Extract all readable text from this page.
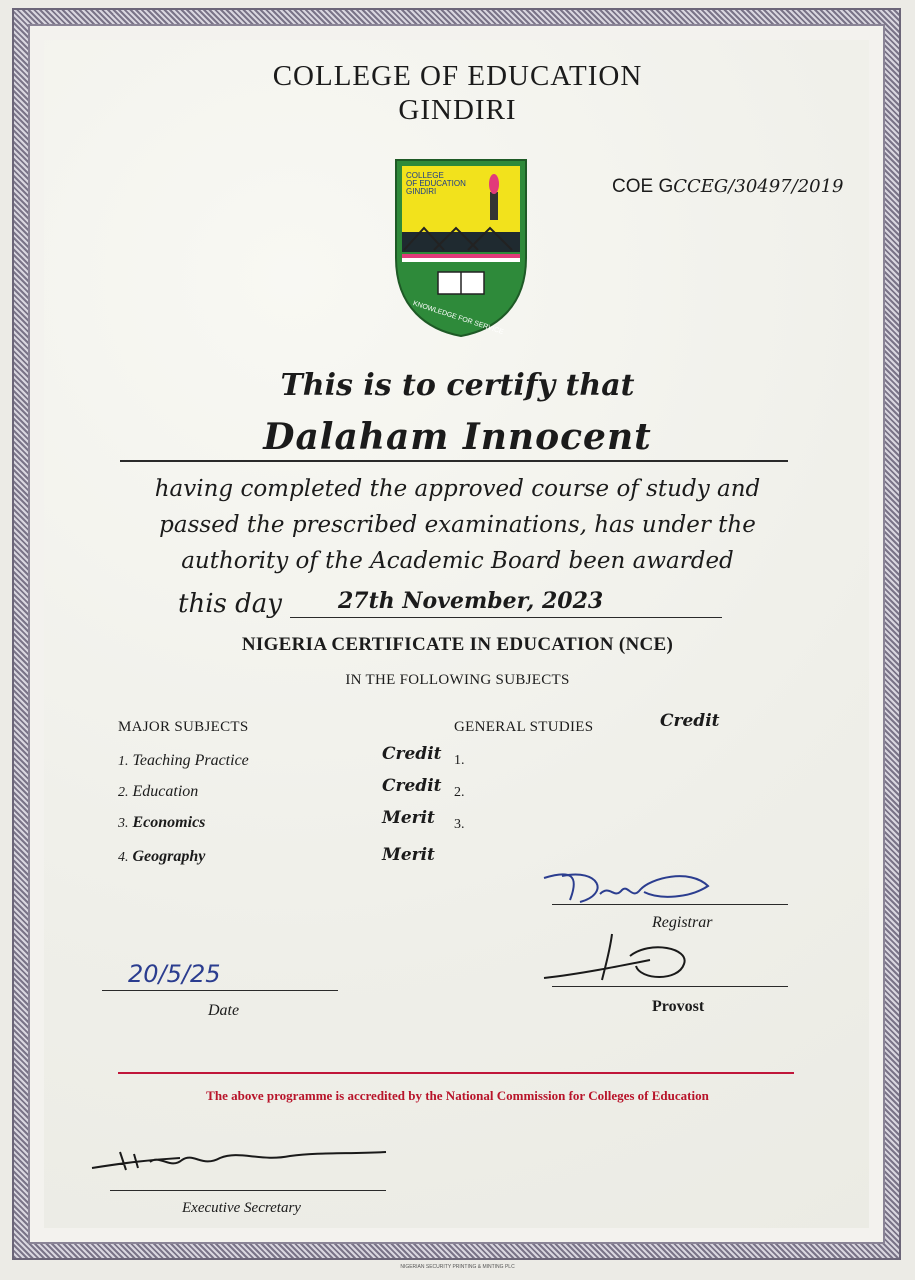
COLLEGE OF EDUCATION
GINDIRI
COLLEGE
OF EDUCATION
GINDIRI
KNOWLEDGE FOR SERVICE
COE GCCEG/30497/2019
This is to certify that
Dalaham Innocent
having completed the approved course of study and
passed the prescribed examinations, has under the
authority of the Academic Board been awarded
this day	27th November, 2023
NIGERIA CERTIFICATE IN EDUCATION (NCE)
IN THE FOLLOWING SUBJECTS
MAJOR SUBJECTS
1. Teaching Practice	Credit
2. Education	Credit
3. Economics	Merit
4. Geography	Merit
GENERAL STUDIES	Credit
1.
2.
3.
Registrar
Provost
20/5/25
Date
The above programme is accredited by the National Commission for Colleges of Education
Executive Secretary
NIGERIAN SECURITY PRINTING & MINTING PLC
